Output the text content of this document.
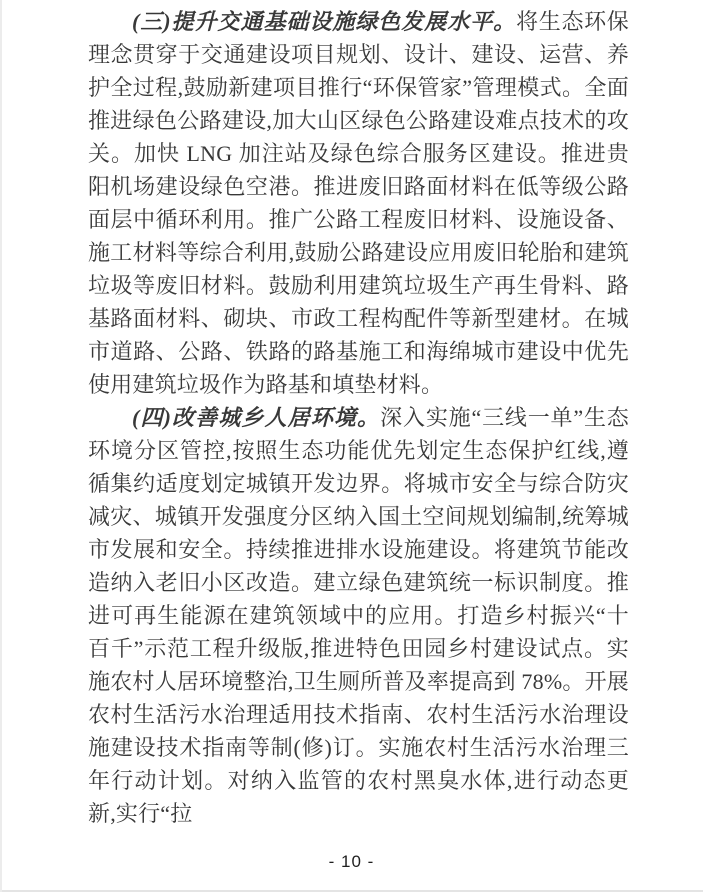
(三)提升交通基础设施绿色发展水平。将生态环保理念贯穿于交通建设项目规划、设计、建设、运营、养护全过程,鼓励新建项目推行“环保管家”管理模式。全面推进绿色公路建设,加大山区绿色公路建设难点技术的攻关。加快 LNG 加注站及绿色综合服务区建设。推进贵阳机场建设绿色空港。推进废旧路面材料在低等级公路面层中循环利用。推广公路工程废旧材料、设施设备、施工材料等综合利用,鼓励公路建设应用废旧轮胎和建筑垃圾等废旧材料。鼓励利用建筑垃圾生产再生骨料、路基路面材料、砌块、市政工程构配件等新型建材。在城市道路、公路、铁路的路基施工和海绵城市建设中优先使用建筑垃圾作为路基和填垫材料。

(四)改善城乡人居环境。深入实施“三线一单”生态环境分区管控,按照生态功能优先划定生态保护红线,遵循集约适度划定城镇开发边界。将城市安全与综合防灾减灾、城镇开发强度分区纳入国土空间规划编制,统筹城市发展和安全。持续推进排水设施建设。将建筑节能改造纳入老旧小区改造。建立绿色建筑统一标识制度。推进可再生能源在建筑领域中的应用。打造乡村振兴“十百千”示范工程升级版,推进特色田园乡村建设试点。实施农村人居环境整治,卫生厕所普及率提高到 78%。开展农村生活污水治理适用技术指南、农村生活污水治理设施建设技术指南等制(修)订。实施农村生活污水治理三年行动计划。对纳入监管的农村黑臭水体,进行动态更新,实行“拉

- 10 -
